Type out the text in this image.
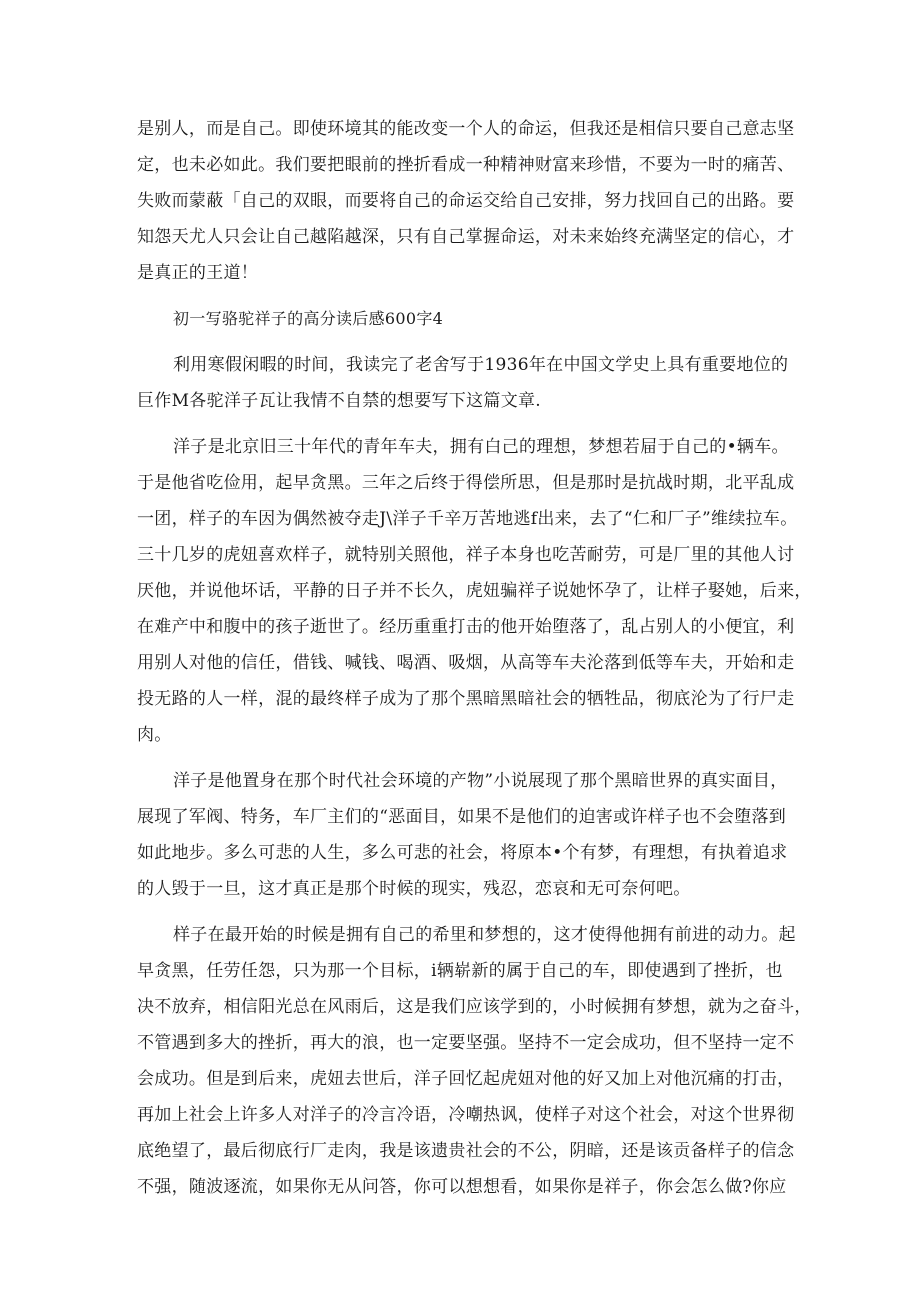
是别人，而是自己。即使环境其的能改变一个人的命运，但我还是相信只要自己意志坚
定，也未必如此。我们要把眼前的挫折看成一种精神财富来珍惜，不要为一时的痛苦、
失败而蒙蔽「自己的双眼，而要将自己的命运交给自己安排，努力找回自己的出路。要
知怨天尤人只会让自己越陷越深，只有自己掌握命运，对未来始终充满坚定的信心，才
是真正的王道！
初一写骆驼祥子的高分读后感600字4
利用寒假闲暇的时间，我读完了老舍写于1936年在中国文学史上具有重要地位的
巨作M各驼洋子瓦让我情不自禁的想要写下这篇文章.
洋子是北京旧三十年代的青年车夫，拥有白己的理想，梦想若屇于自己的•辆车。
于是他省吃俭用，起早贪黑。三年之后终于得偿所思，但是那时是抗战时期，北平乱成
一团，样子的车因为偶然被夺走J\洋子千辛万苦地逃f出来，去了“仁和厂子”维续拉车。
三十几岁的虎妞喜欢样子，就特别关照他，祥子本身也吃苦耐劳，可是厂里的其他人讨
厌他，并说他坏话，平静的日子并不长久，虎妞骗祥子说她怀孕了，让样子娶她，后来，
在难产中和腹中的孩子逝世了。经历重重打击的他开始堕落了，乱占别人的小便宜，利
用别人对他的信任，借钱、喊钱、喝酒、吸烟，从高等车夫沦落到低等车夫，开始和走
投无路的人一样，混的最终样子成为了那个黑暗黑暗社会的牺牲品，彻底沦为了行尸走
肉。
洋子是他置身在那个时代社会环境的产物”小说展现了那个黑暗世界的真实面目，
展现了军阀、特务，车厂主们的“恶面目，如果不是他们的迫害或许样子也不会堕落到
如此地步。多么可悲的人生，多么可悲的社会，将原本•个有梦，有理想，有执着追求
的人毁于一旦，这才真正是那个时候的现实，残忍，恋哀和无可奈何吧。
样子在最开始的时候是拥有自己的希里和梦想的，这才使得他拥有前进的动力。起
早贪黑，任劳任怨，只为那一个目标，i辆崭新的属于自己的车，即使遇到了挫折，也
决不放弃，相信阳光总在风雨后，这是我们应该学到的，小时候拥有梦想，就为之奋斗，
不管遇到多大的挫折，再大的浪，也一定要坚强。坚持不一定会成功，但不坚持一定不
会成功。但是到后来，虎妞去世后，洋子回忆起虎妞对他的好又加上对他沉痛的打击，
再加上社会上许多人对洋子的冷言冷语，冷嘲热讽，使样子对这个社会，对这个世界彻
底绝望了，最后彻底行厂走肉，我是该遗贵社会的不公，阴暗，还是该贡备样子的信念
不强，随波逐流，如果你无从问答，你可以想想看，如果你是祥子，你会怎么做?你应
